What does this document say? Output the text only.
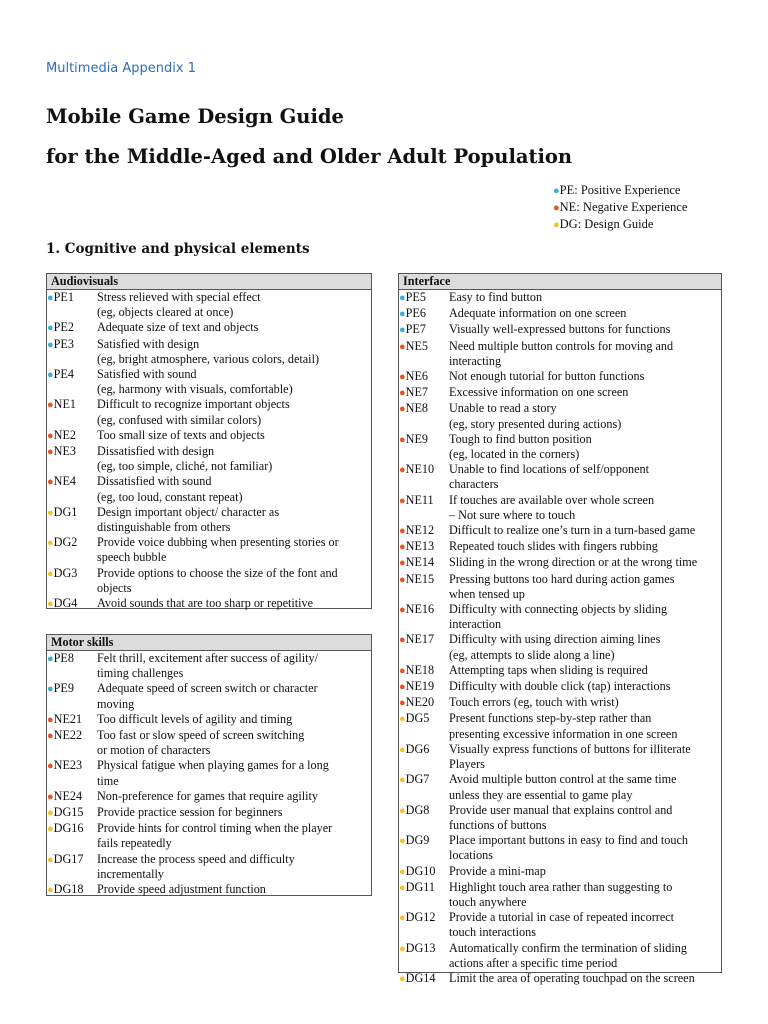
Multimedia Appendix 1
Mobile Game Design Guide
for the Middle-Aged and Older Adult Population
●PE: Positive Experience
●NE: Negative Experience
●DG: Design Guide
1. Cognitive and physical elements
Audiovisuals
●PE1	Stress relieved with special effect
(eg, objects cleared at once)
●PE2	Adequate size of text and objects
●PE3	Satisfied with design
(eg, bright atmosphere, various colors, detail)
●PE4	Satisfied with sound
(eg, harmony with visuals, comfortable)
●NE1	Difficult to recognize important objects
(eg, confused with similar colors)
●NE2	Too small size of texts and objects
●NE3	Dissatisfied with design
(eg, too simple, cliché, not familiar)
●NE4	Dissatisfied with sound
(eg, too loud, constant repeat)
●DG1	Design important object/ character as
distinguishable from others
●DG2	Provide voice dubbing when presenting stories or
speech bubble
●DG3	Provide options to choose the size of the font and
objects
●DG4	Avoid sounds that are too sharp or repetitive
Motor skills
●PE8	Felt thrill, excitement after success of agility/
timing challenges
●PE9	Adequate speed of screen switch or character
moving
●NE21	Too difficult levels of agility and timing
●NE22	Too fast or slow speed of screen switching
or motion of characters
●NE23	Physical fatigue when playing games for a long
time
●NE24	Non-preference for games that require agility
●DG15	Provide practice session for beginners
●DG16	Provide hints for control timing when the player
fails repeatedly
●DG17	Increase the process speed and difficulty
incrementally
●DG18	Provide speed adjustment function
Interface
●PE5	Easy to find button
●PE6	Adequate information on one screen
●PE7	Visually well-expressed buttons for functions
●NE5	Need multiple button controls for moving and
interacting
●NE6	Not enough tutorial for button functions
●NE7	Excessive information on one screen
●NE8	Unable to read a story
(eg, story presented during actions)
●NE9	Tough to find button position
(eg, located in the corners)
●NE10	Unable to find locations of self/opponent
characters
●NE11	If touches are available over whole screen
– Not sure where to touch
●NE12	Difficult to realize one’s turn in a turn-based game
●NE13	Repeated touch slides with fingers rubbing
●NE14	Sliding in the wrong direction or at the wrong time
●NE15	Pressing buttons too hard during action games
when tensed up
●NE16	Difficulty with connecting objects by sliding
interaction
●NE17	Difficulty with using direction aiming lines
(eg, attempts to slide along a line)
●NE18	Attempting taps when sliding is required
●NE19	Difficulty with double click (tap) interactions
●NE20	Touch errors (eg, touch with wrist)
●DG5	Present functions step-by-step rather than
presenting excessive information in one screen
●DG6	Visually express functions of buttons for illiterate
Players
●DG7	Avoid multiple button control at the same time
unless they are essential to game play
●DG8	Provide user manual that explains control and
functions of buttons
●DG9	Place important buttons in easy to find and touch
locations
●DG10	Provide a mini-map
●DG11	Highlight touch area rather than suggesting to
touch anywhere
●DG12	Provide a tutorial in case of repeated incorrect
touch interactions
●DG13	Automatically confirm the termination of sliding
actions after a specific time period
●DG14	Limit the area of operating touchpad on the screen
